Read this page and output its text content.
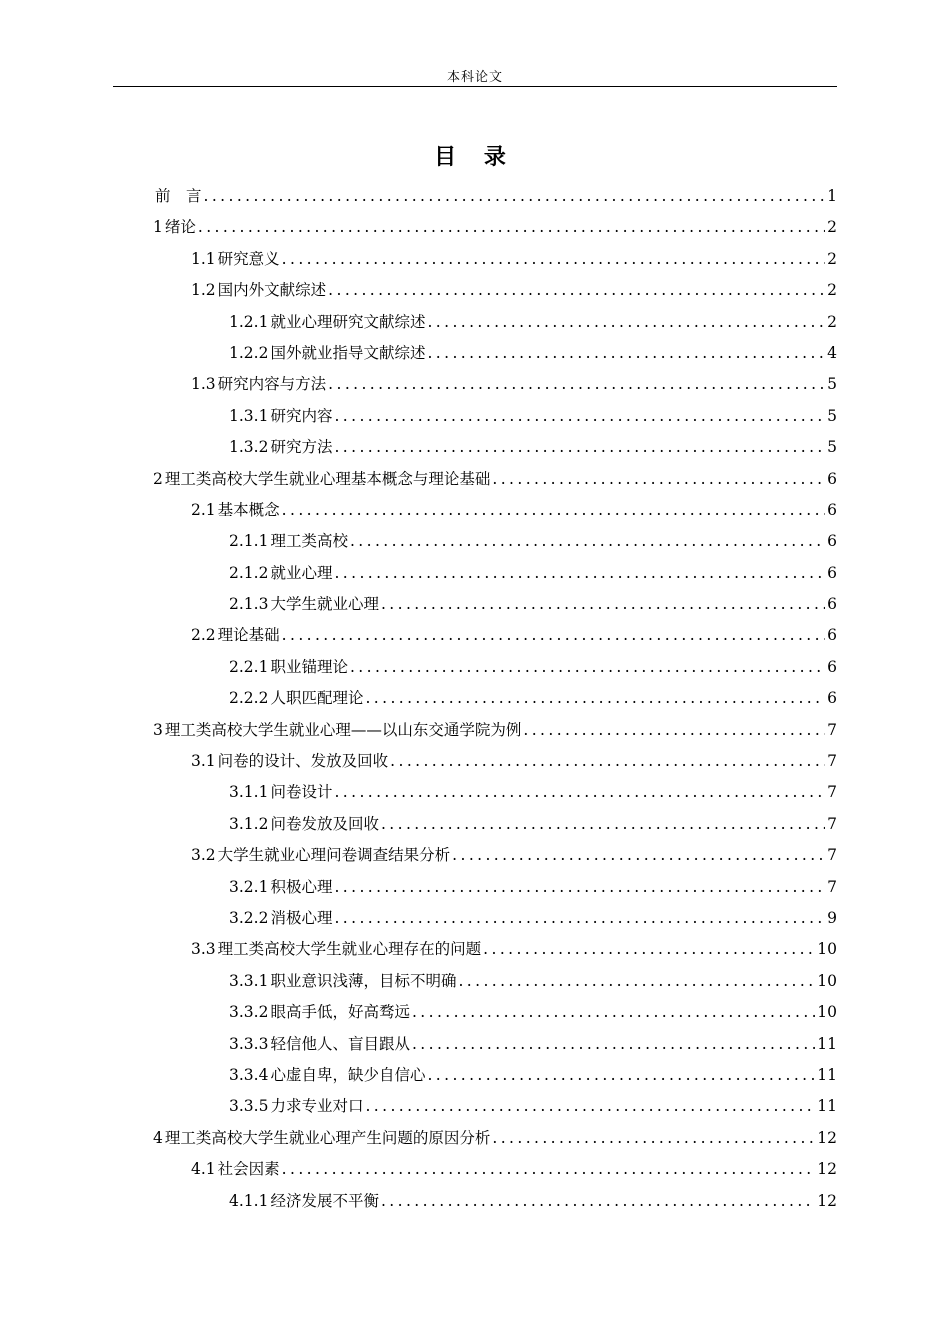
本科论文
目 录
前　言 .....	1
1 绪论 .....	2
1.1 研究意义 .....	2
1.2 国内外文献综述 .....	2
1.2.1 就业心理研究文献综述 .....	2
1.2.2 国外就业指导文献综述 .....	4
1.3 研究内容与方法 .....	5
1.3.1 研究内容 .....	5
1.3.2 研究方法 .....	5
2 理工类高校大学生就业心理基本概念与理论基础 .....	6
2.1 基本概念 .....	6
2.1.1 理工类高校 .....	6
2.1.2 就业心理 .....	6
2.1.3 大学生就业心理 .....	6
2.2 理论基础 .....	6
2.2.1 职业锚理论 .....	6
2.2.2 人职匹配理论 .....	6
3 理工类高校大学生就业心理——以山东交通学院为例 .....	7
3.1 问卷的设计、发放及回收 .....	7
3.1.1 问卷设计 .....	7
3.1.2 问卷发放及回收 .....	7
3.2 大学生就业心理问卷调查结果分析 .....	7
3.2.1 积极心理 .....	7
3.2.2 消极心理 .....	9
3.3 理工类高校大学生就业心理存在的问题 .....	10
3.3.1 职业意识浅薄，目标不明确 .....	10
3.3.2 眼高手低，好高骛远 .....	10
3.3.3 轻信他人、盲目跟从 .....	11
3.3.4 心虚自卑，缺少自信心 .....	11
3.3.5 力求专业对口 .....	11
4 理工类高校大学生就业心理产生问题的原因分析 .....	12
4.1 社会因素 .....	12
4.1.1 经济发展不平衡 .....	12
